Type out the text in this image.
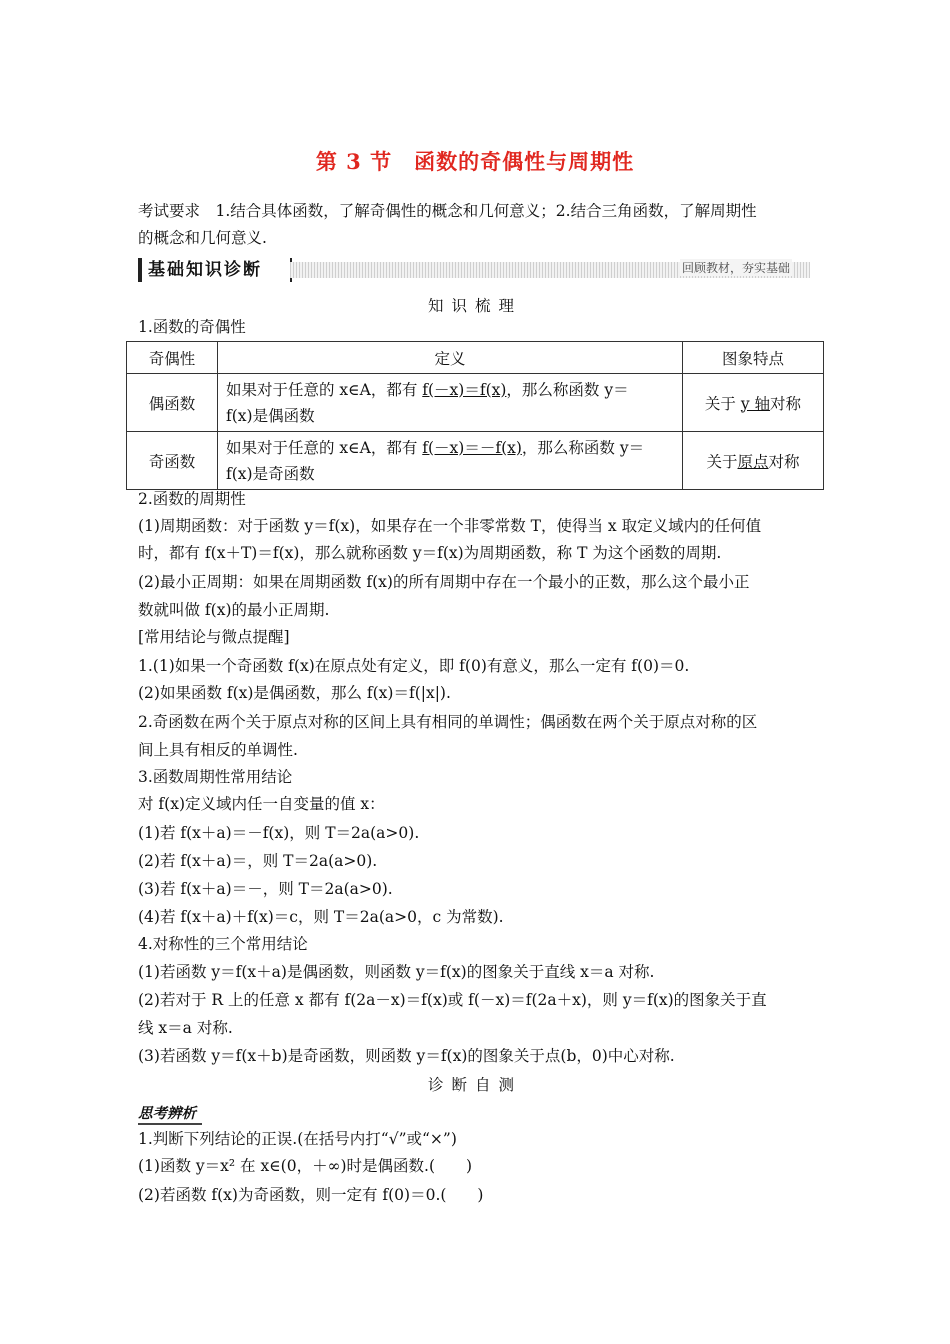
第 3 节　函数的奇偶性与周期性
考试要求　1.结合具体函数，了解奇偶性的概念和几何意义；2.结合三角函数，了解周期性
的概念和几何意义.
基础知识诊断	回顾教材，夯实基础
知识梳理
1.函数的奇偶性
奇偶性	定义	图象特点
偶函数	如果对于任意的 x∈A，都有 f(－x)＝f(x)，那么称函数 y＝
f(x)是偶函数	关于 y 轴对称
奇函数	如果对于任意的 x∈A，都有 f(－x)＝－f(x)，那么称函数 y＝
f(x)是奇函数	关于原点对称
2.函数的周期性
(1)周期函数：对于函数 y＝f(x)，如果存在一个非零常数 T，使得当 x 取定义域内的任何值
时，都有 f(x＋T)＝f(x)，那么就称函数 y＝f(x)为周期函数，称 T 为这个函数的周期.
(2)最小正周期：如果在周期函数 f(x)的所有周期中存在一个最小的正数，那么这个最小正
数就叫做 f(x)的最小正周期.
[常用结论与微点提醒]
1.(1)如果一个奇函数 f(x)在原点处有定义，即 f(0)有意义，那么一定有 f(0)＝0.
(2)如果函数 f(x)是偶函数，那么 f(x)＝f(|x|).
2.奇函数在两个关于原点对称的区间上具有相同的单调性；偶函数在两个关于原点对称的区
间上具有相反的单调性.
3.函数周期性常用结论
对 f(x)定义域内任一自变量的值 x：
(1)若 f(x＋a)＝－f(x)，则 T＝2a(a>0).
(2)若 f(x＋a)＝，则 T＝2a(a>0).
(3)若 f(x＋a)＝－，则 T＝2a(a>0).
(4)若 f(x＋a)＋f(x)＝c，则 T＝2a(a>0，c 为常数).
4.对称性的三个常用结论
(1)若函数 y＝f(x＋a)是偶函数，则函数 y＝f(x)的图象关于直线 x＝a 对称.
(2)若对于 R 上的任意 x 都有 f(2a－x)＝f(x)或 f(－x)＝f(2a＋x)，则 y＝f(x)的图象关于直
线 x＝a 对称.
(3)若函数 y＝f(x＋b)是奇函数，则函数 y＝f(x)的图象关于点(b，0)中心对称.
诊断自测
思考辨析
1.判断下列结论的正误.(在括号内打“√”或“×”)
(1)函数 y＝x² 在 x∈(0，＋∞)时是偶函数.(　　)
(2)若函数 f(x)为奇函数，则一定有 f(0)＝0.(　　)
